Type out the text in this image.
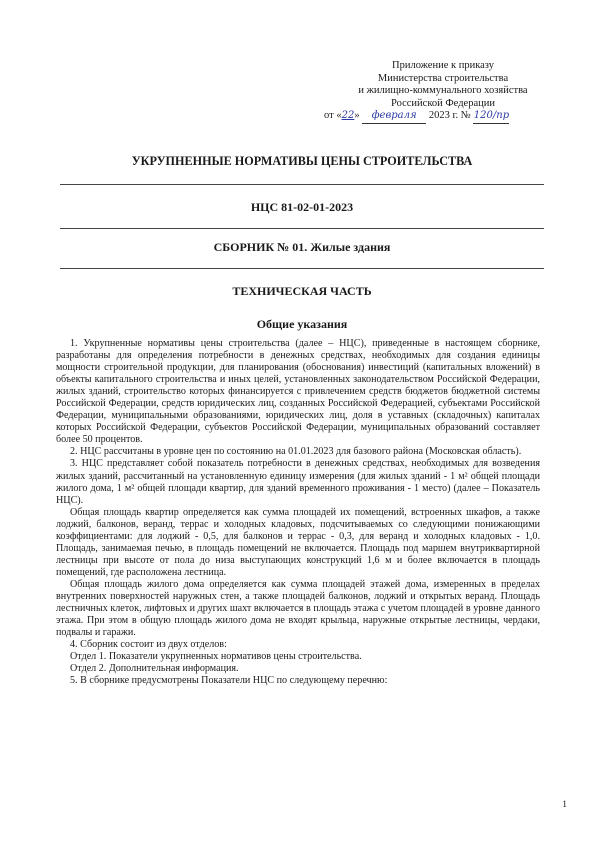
Приложение к приказу
Министерства строительства
и жилищно-коммунального хозяйства
Российской Федерации
от «22» февраля 2023 г. № 120/пр
УКРУПНЕННЫЕ НОРМАТИВЫ ЦЕНЫ СТРОИТЕЛЬСТВА
НЦС 81-02-01-2023
СБОРНИК № 01. Жилые здания
ТЕХНИЧЕСКАЯ ЧАСТЬ
Общие указания

1. Укрупненные нормативы цены строительства (далее – НЦС), приведенные в настоящем сборнике, разработаны для определения потребности в денежных средствах, необходимых для создания единицы мощности строительной продукции, для планирования (обоснования) инвестиций (капитальных вложений) в объекты капитального строительства и иных целей, установленных законодательством Российской Федерации, жилых зданий, строительство которых финансируется с привлечением средств бюджетов бюджетной системы Российской Федерации, средств юридических лиц, созданных Российской Федерацией, субъектами Российской Федерации, муниципальными образованиями, юридических лиц, доля в уставных (складочных) капиталах которых Российской Федерации, субъектов Российской Федерации, муниципальных образований составляет более 50 процентов.

2. НЦС рассчитаны в уровне цен по состоянию на 01.01.2023 для базового района (Московская область).

3. НЦС представляет собой показатель потребности в денежных средствах, необходимых для возведения жилых зданий, рассчитанный на установленную единицу измерения (для жилых зданий - 1 м² общей площади жилого дома, 1 м² общей площади квартир, для зданий временного проживания - 1 место) (далее – Показатель НЦС).

Общая площадь квартир определяется как сумма площадей их помещений, встроенных шкафов, а также лоджий, балконов, веранд, террас и холодных кладовых, подсчитываемых со следующими понижающими коэффициентами: для лоджий - 0,5, для балконов и террас - 0,3, для веранд и холодных кладовых - 1,0. Площадь, занимаемая печью, в площадь помещений не включается. Площадь под маршем внутриквартирной лестницы при высоте от пола до низа выступающих конструкций 1,6 м и более включается в площадь помещений, где расположена лестница.

Общая площадь жилого дома определяется как сумма площадей этажей дома, измеренных в пределах внутренних поверхностей наружных стен, а также площадей балконов, лоджий и открытых веранд. Площадь лестничных клеток, лифтовых и других шахт включается в площадь этажа с учетом площадей в уровне данного этажа. При этом в общую площадь жилого дома не входят крыльца, наружные открытые лестницы, чердаки, подвалы и гаражи.

4. Сборник состоит из двух отделов:

Отдел 1. Показатели укрупненных нормативов цены строительства.

Отдел 2. Дополнительная информация.

5. В сборнике предусмотрены Показатели НЦС по следующему перечню:

1
